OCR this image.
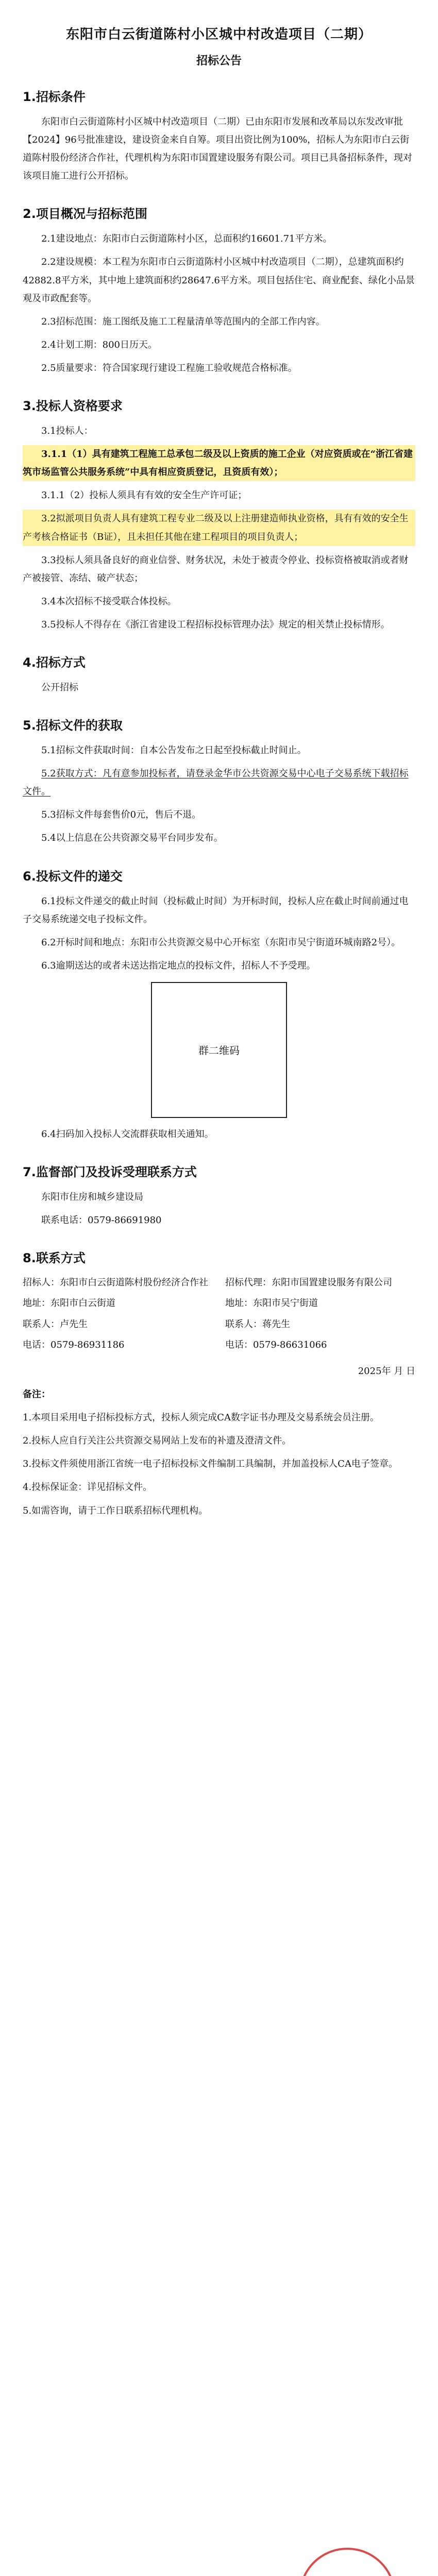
东阳市白云街道陈村小区城中村改造项目（二期）
招标公告
1.招标条件

东阳市白云街道陈村小区城中村改造项目（二期）已由东阳市发展和改革局以东发改审批【2024】96号批准建设，建设资金来自自筹。项目出资比例为100%，招标人为东阳市白云街道陈村股份经济合作社，代理机构为东阳市国置建设服务有限公司。项目已具备招标条件，现对该项目施工进行公开招标。

2.项目概况与招标范围

2.1建设地点：东阳市白云街道陈村小区，总面积约16601.71平方米。

2.2建设规模：本工程为东阳市白云街道陈村小区城中村改造项目（二期），总建筑面积约42882.8平方米，其中地上建筑面积约28647.6平方米。项目包括住宅、商业配套、绿化小品景观及市政配套等。

2.3招标范围：施工图纸及施工工程量清单等范围内的全部工作内容。

2.4计划工期：800日历天。

2.5质量要求：符合国家现行建设工程施工验收规范合格标准。

3.投标人资格要求

3.1投标人：

3.1.1（1）具有建筑工程施工总承包二级及以上资质的施工企业（对应资质或在“浙江省建筑市场监管公共服务系统”中具有相应资质登记，且资质有效）；

3.1.1（2）投标人须具有有效的安全生产许可证；

3.2拟派项目负责人具有建筑工程专业二级及以上注册建造师执业资格，具有有效的安全生产考核合格证书（B证），且未担任其他在建工程项目的项目负责人；

3.3投标人须具备良好的商业信誉、财务状况，未处于被责令停业、投标资格被取消或者财产被接管、冻结、破产状态；

3.4本次招标不接受联合体投标。

3.5投标人不得存在《浙江省建设工程招标投标管理办法》规定的相关禁止投标情形。

4.招标方式

公开招标

5.招标文件的获取

5.1招标文件获取时间：自本公告发布之日起至投标截止时间止。

5.2获取方式：凡有意参加投标者，请登录金华市公共资源交易中心电子交易系统下载招标文件。

5.3招标文件每套售价0元，售后不退。

5.4以上信息在公共资源交易平台同步发布。

6.投标文件的递交

6.1投标文件递交的截止时间（投标截止时间）为开标时间，投标人应在截止时间前通过电子交易系统递交电子投标文件。

6.2开标时间和地点：东阳市公共资源交易中心开标室（东阳市吴宁街道环城南路2号）。

6.3逾期送达的或者未送达指定地点的投标文件，招标人不予受理。

群二维码

6.4扫码加入投标人交流群获取相关通知。

7.监督部门及投诉受理联系方式

东阳市住房和城乡建设局

联系电话：0579-86691980

8.联系方式
招标人：东阳市白云街道陈村股份经济合作社	招标代理：东阳市国置建设服务有限公司
地址：东阳市白云街道	地址：东阳市吴宁街道
联系人：卢先生	联系人：蒋先生
电话：0579-86931186	电话：0579-86631066

2025年 月 日

备注：

1.本项目采用电子招标投标方式，投标人须完成CA数字证书办理及交易系统会员注册。

2.投标人应自行关注公共资源交易网站上发布的补遗及澄清文件。

3.投标文件须使用浙江省统一电子招标投标文件编制工具编制，并加盖投标人CA电子签章。

4.投标保证金：详见招标文件。

5.如需咨询，请于工作日联系招标代理机构。
